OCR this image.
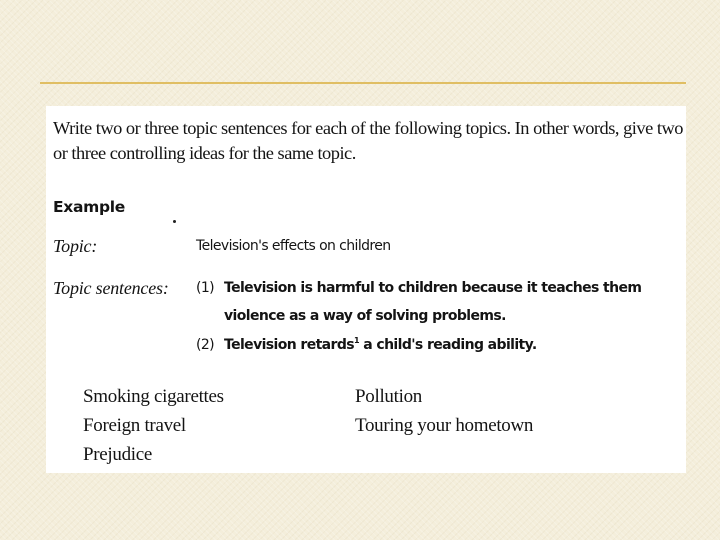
Write two or three topic sentences for each of the following topics. In other words, give two or three controlling ideas for the same topic.

Example
Topic:	Television's effects on children
Topic sentences: (1) Television is harmful to children because it teaches them
violence as a way of solving problems.
(2) Television retards$^1$ a child's reading ability.
Smoking cigarettes
Foreign travel
Prejudice
Pollution
Touring your hometown
